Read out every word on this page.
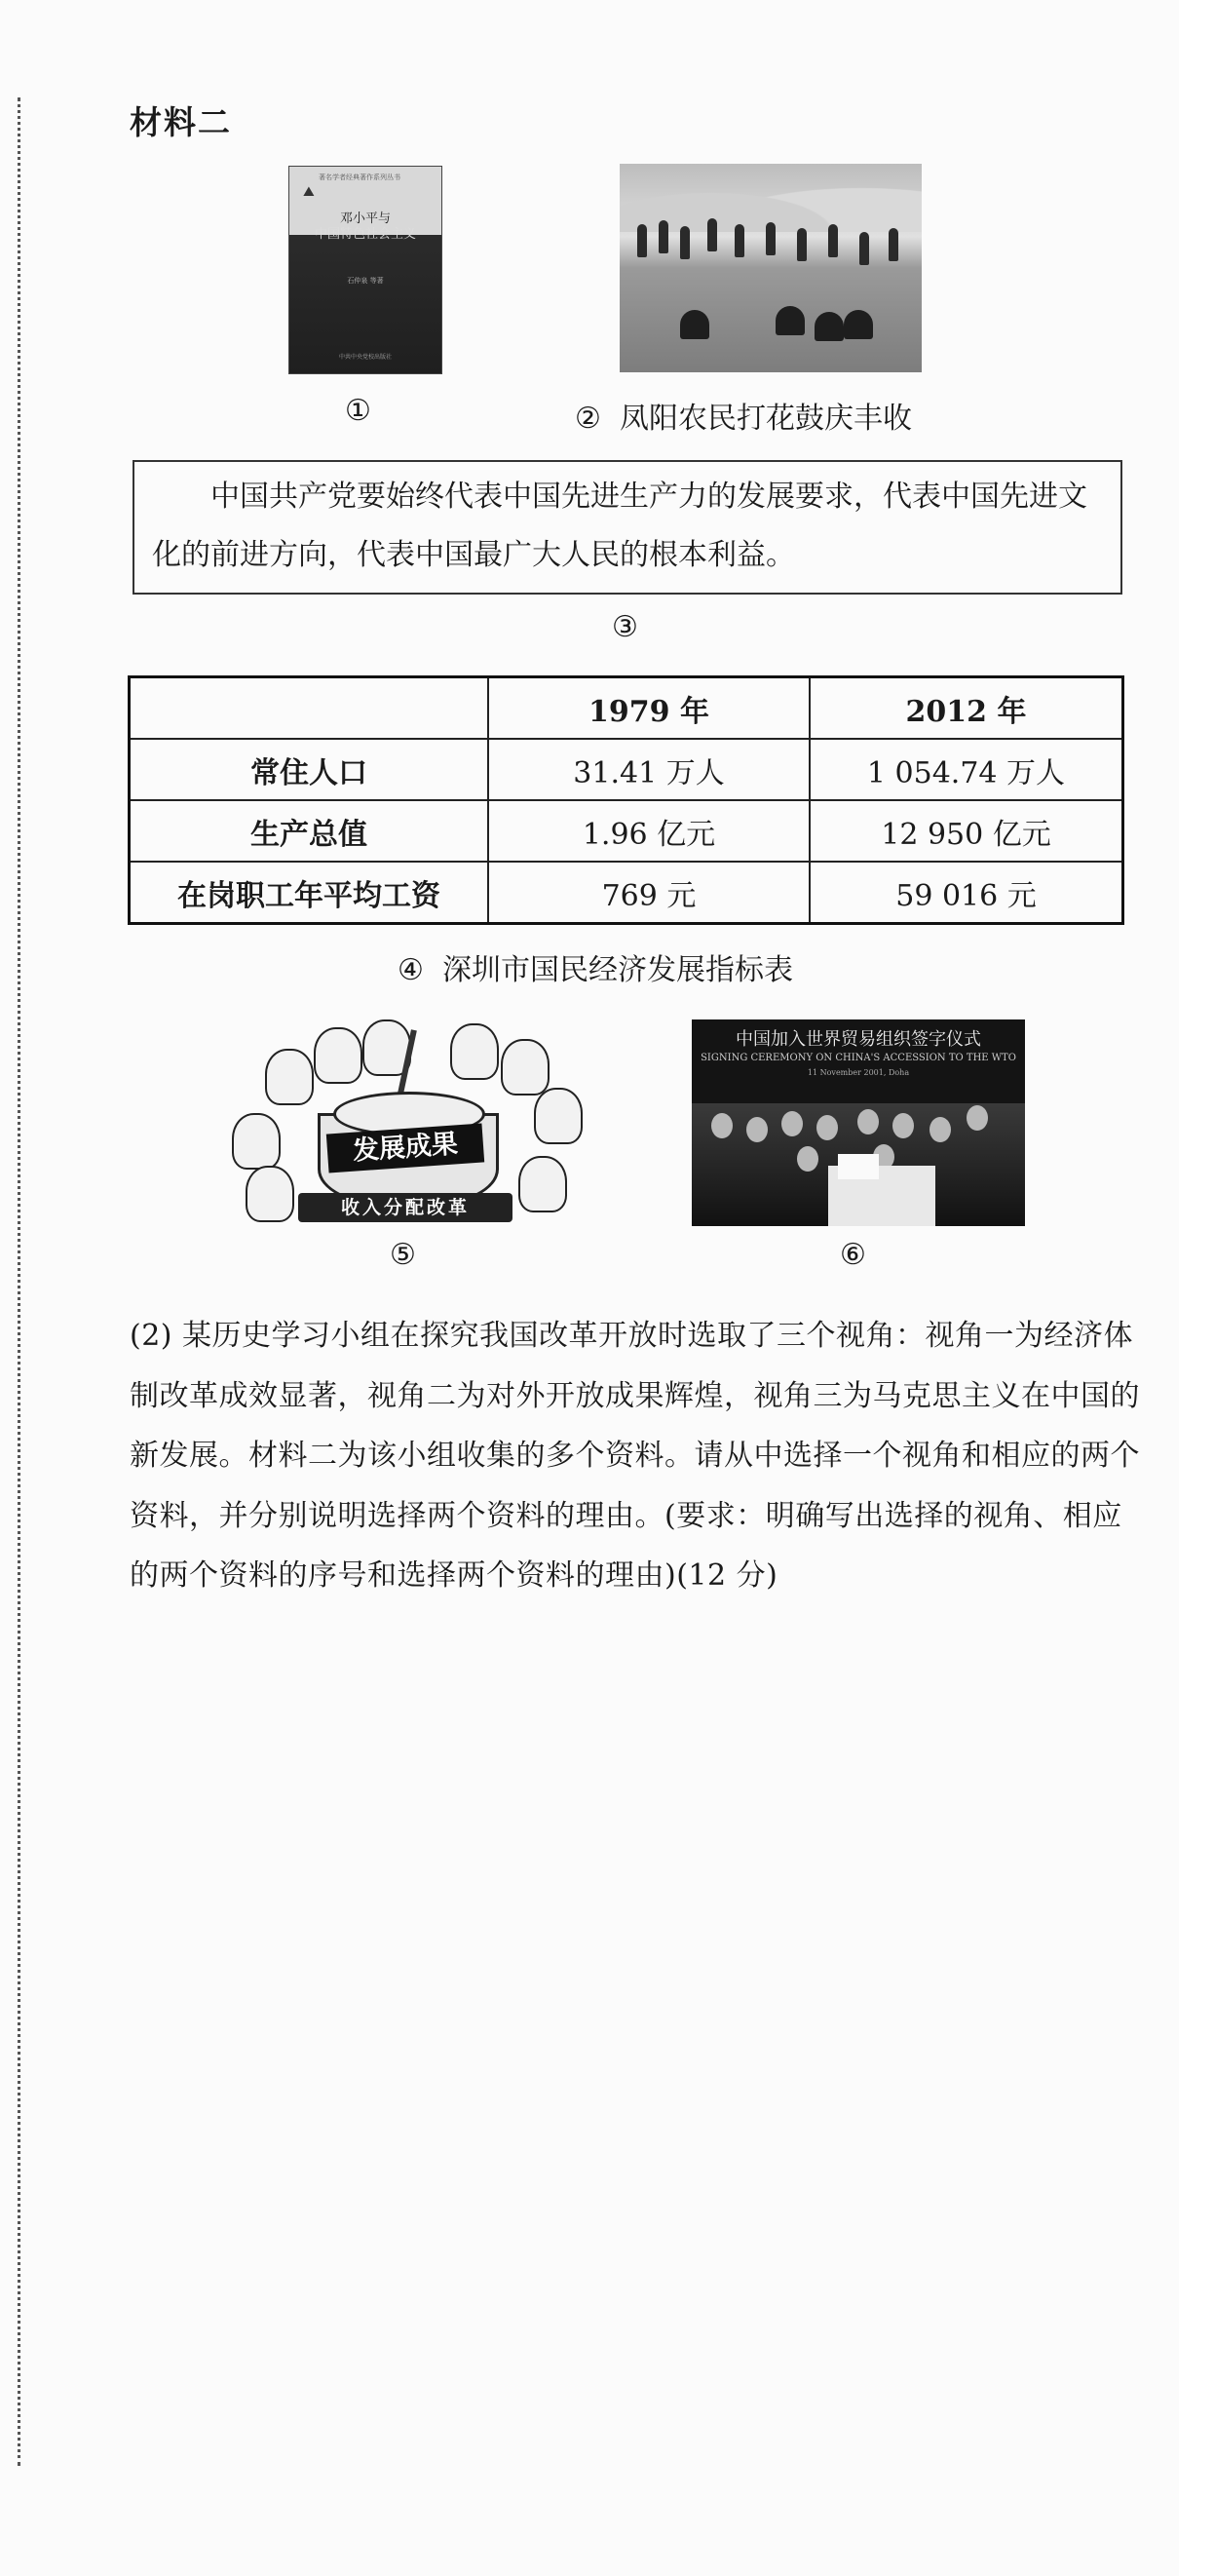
材料二
⛰
著名学者经典著作系列丛书
邓小平与
中国特色社会主义
石仲泉 等著
中共中央党校出版社
①	② 凤阳农民打花鼓庆丰收
中国共产党要始终代表中国先进生产力的发展要求，代表中国先进文化的前进方向，代表中国最广大人民的根本利益。
③
	1979 年	2012 年
常住人口	31.41 万人	1 054.74 万人
生产总值	1.96 亿元	12 950 亿元
在岗职工年平均工资	769 元	59 016 元
④ 深圳市国民经济发展指标表
发展成果
收入分配改革
⑤
中国加入世界贸易组织签字仪式
SIGNING CEREMONY ON CHINA'S ACCESSION TO THE WTO
11 November 2001, Doha
⑥
(2) 某历史学习小组在探究我国改革开放时选取了三个视角：视角一为经济体制改革成效显著，视角二为对外开放成果辉煌，视角三为马克思主义在中国的新发展。材料二为该小组收集的多个资料。请从中选择一个视角和相应的两个资料，并分别说明选择两个资料的理由。(要求：明确写出选择的视角、相应的两个资料的序号和选择两个资料的理由)(12 分)
